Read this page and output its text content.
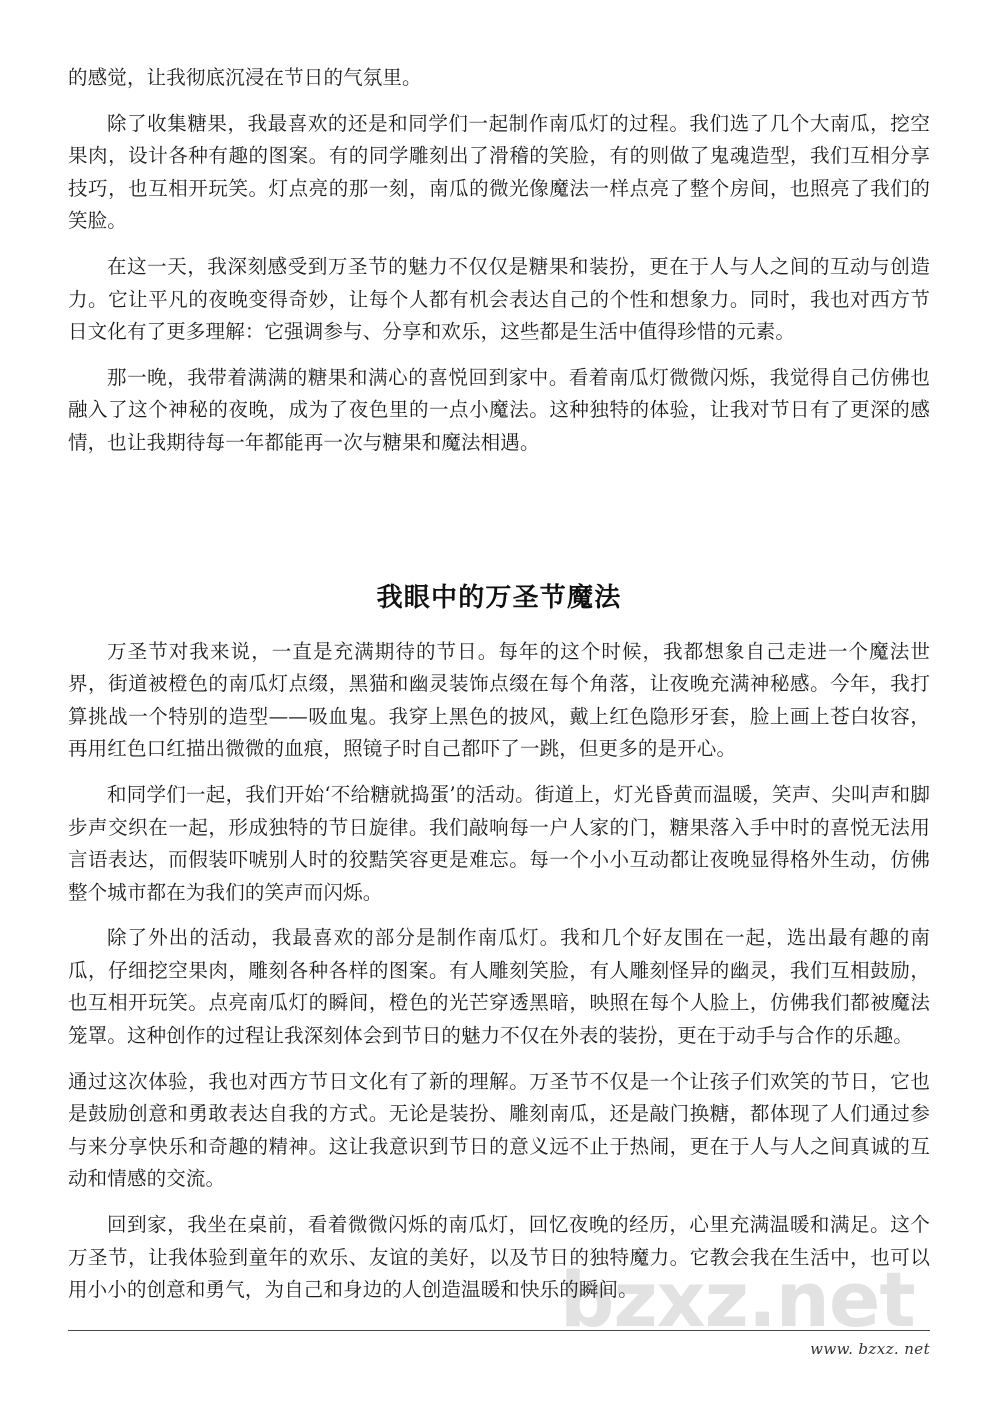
bzxz.net

的感觉，让我彻底沉浸在节日的气氛里。

除了收集糖果，我最喜欢的还是和同学们一起制作南瓜灯的过程。我们选了几个大南瓜，挖空果肉，设计各种有趣的图案。有的同学雕刻出了滑稽的笑脸，有的则做了鬼魂造型，我们互相分享技巧，也互相开玩笑。灯点亮的那一刻，南瓜的微光像魔法一样点亮了整个房间，也照亮了我们的笑脸。

在这一天，我深刻感受到万圣节的魅力不仅仅是糖果和装扮，更在于人与人之间的互动与创造力。它让平凡的夜晚变得奇妙，让每个人都有机会表达自己的个性和想象力。同时，我也对西方节日文化有了更多理解：它强调参与、分享和欢乐，这些都是生活中值得珍惜的元素。

那一晚，我带着满满的糖果和满心的喜悦回到家中。看着南瓜灯微微闪烁，我觉得自己仿佛也融入了这个神秘的夜晚，成为了夜色里的一点小魔法。这种独特的体验，让我对节日有了更深的感情，也让我期待每一年都能再一次与糖果和魔法相遇。

我眼中的万圣节魔法

万圣节对我来说，一直是充满期待的节日。每年的这个时候，我都想象自己走进一个魔法世界，街道被橙色的南瓜灯点缀，黑猫和幽灵装饰点缀在每个角落，让夜晚充满神秘感。今年，我打算挑战一个特别的造型——吸血鬼。我穿上黑色的披风，戴上红色隐形牙套，脸上画上苍白妆容，再用红色口红描出微微的血痕，照镜子时自己都吓了一跳，但更多的是开心。

和同学们一起，我们开始‘不给糖就捣蛋’的活动。街道上，灯光昏黄而温暖，笑声、尖叫声和脚步声交织在一起，形成独特的节日旋律。我们敲响每一户人家的门，糖果落入手中时的喜悦无法用言语表达，而假装吓唬别人时的狡黠笑容更是难忘。每一个小小互动都让夜晚显得格外生动，仿佛整个城市都在为我们的笑声而闪烁。

除了外出的活动，我最喜欢的部分是制作南瓜灯。我和几个好友围在一起，选出最有趣的南瓜，仔细挖空果肉，雕刻各种各样的图案。有人雕刻笑脸，有人雕刻怪异的幽灵，我们互相鼓励，也互相开玩笑。点亮南瓜灯的瞬间，橙色的光芒穿透黑暗，映照在每个人脸上，仿佛我们都被魔法笼罩。这种创作的过程让我深刻体会到节日的魅力不仅在外表的装扮，更在于动手与合作的乐趣。

通过这次体验，我也对西方节日文化有了新的理解。万圣节不仅是一个让孩子们欢笑的节日，它也是鼓励创意和勇敢表达自我的方式。无论是装扮、雕刻南瓜，还是敲门换糖，都体现了人们通过参与来分享快乐和奇趣的精神。这让我意识到节日的意义远不止于热闹，更在于人与人之间真诚的互动和情感的交流。

回到家，我坐在桌前，看着微微闪烁的南瓜灯，回忆夜晚的经历，心里充满温暖和满足。这个万圣节，让我体验到童年的欢乐、友谊的美好，以及节日的独特魔力。它教会我在生活中，也可以用小小的创意和勇气，为自己和身边的人创造温暖和快乐的瞬间。

www. bzxz. net
